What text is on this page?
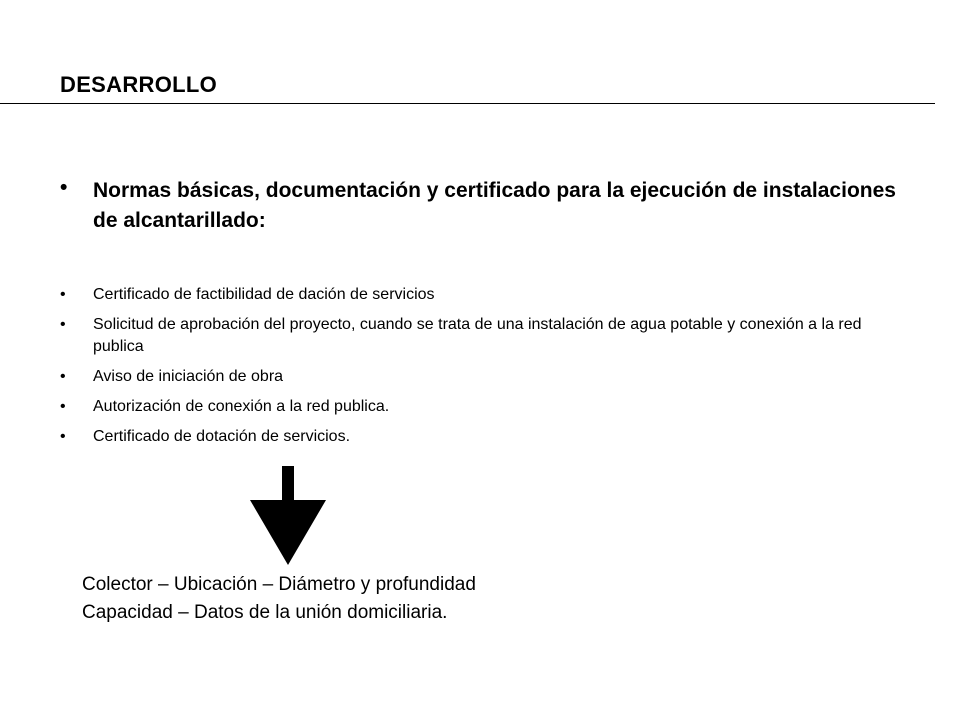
DESARROLLO
• Normas básicas, documentación y certificado para la ejecución de instalaciones de alcantarillado:
• Certificado de factibilidad de dación de servicios
• Solicitud de aprobación del proyecto, cuando se trata de una instalación de agua potable y conexión a la red publica
• Aviso de iniciación de obra
• Autorización de conexión a la red publica.
• Certificado de dotación de servicios.
Colector – Ubicación – Diámetro y profundidad
Capacidad – Datos de la unión domiciliaria.
